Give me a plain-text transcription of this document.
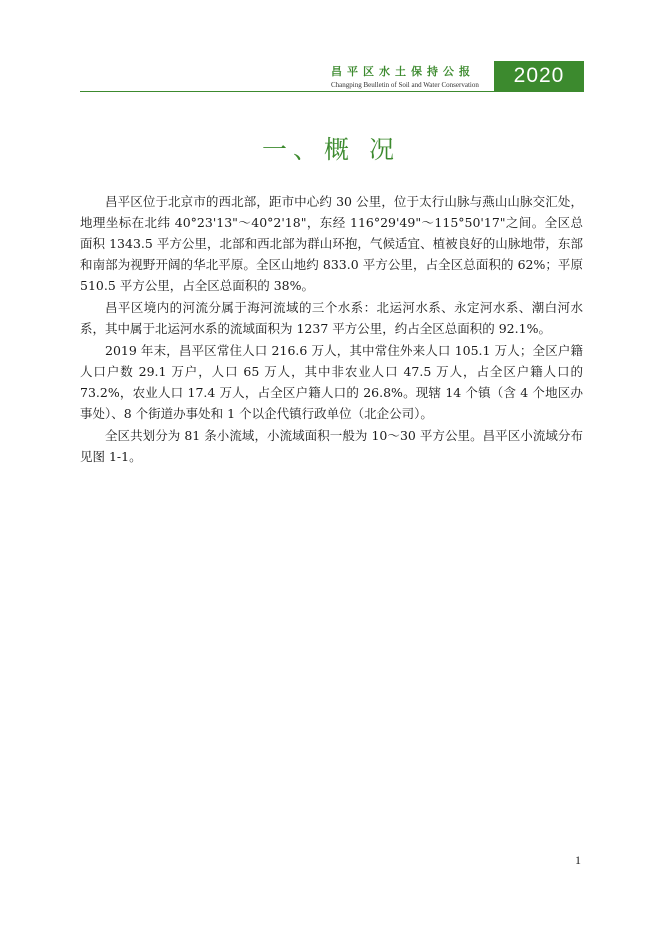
昌平区水土保持公报
Changping Beulletin of Soil and Water Conservation	2020
一、概 况

昌平区位于北京市的西北部，距市中心约 30 公里，位于太行山脉与燕山山脉交汇处，地理坐标在北纬 40°23'13"～40°2'18"，东经 116°29'49"～115°50'17"之间。全区总面积 1343.5 平方公里，北部和西北部为群山环抱，气候适宜、植被良好的山脉地带，东部和南部为视野开阔的华北平原。全区山地约 833.0 平方公里，占全区总面积的 62%；平原 510.5 平方公里，占全区总面积的 38%。

昌平区境内的河流分属于海河流域的三个水系：北运河水系、永定河水系、潮白河水系，其中属于北运河水系的流域面积为 1237 平方公里，约占全区总面积的 92.1%。

2019 年末，昌平区常住人口 216.6 万人，其中常住外来人口 105.1 万人；全区户籍人口户数 29.1 万户，人口 65 万人，其中非农业人口 47.5 万人，占全区户籍人口的 73.2%，农业人口 17.4 万人，占全区户籍人口的 26.8%。现辖 14 个镇（含 4 个地区办事处）、8 个街道办事处和 1 个以企代镇行政单位（北企公司）。

全区共划分为 81 条小流域，小流域面积一般为 10～30 平方公里。昌平区小流域分布见图 1-1。

1
